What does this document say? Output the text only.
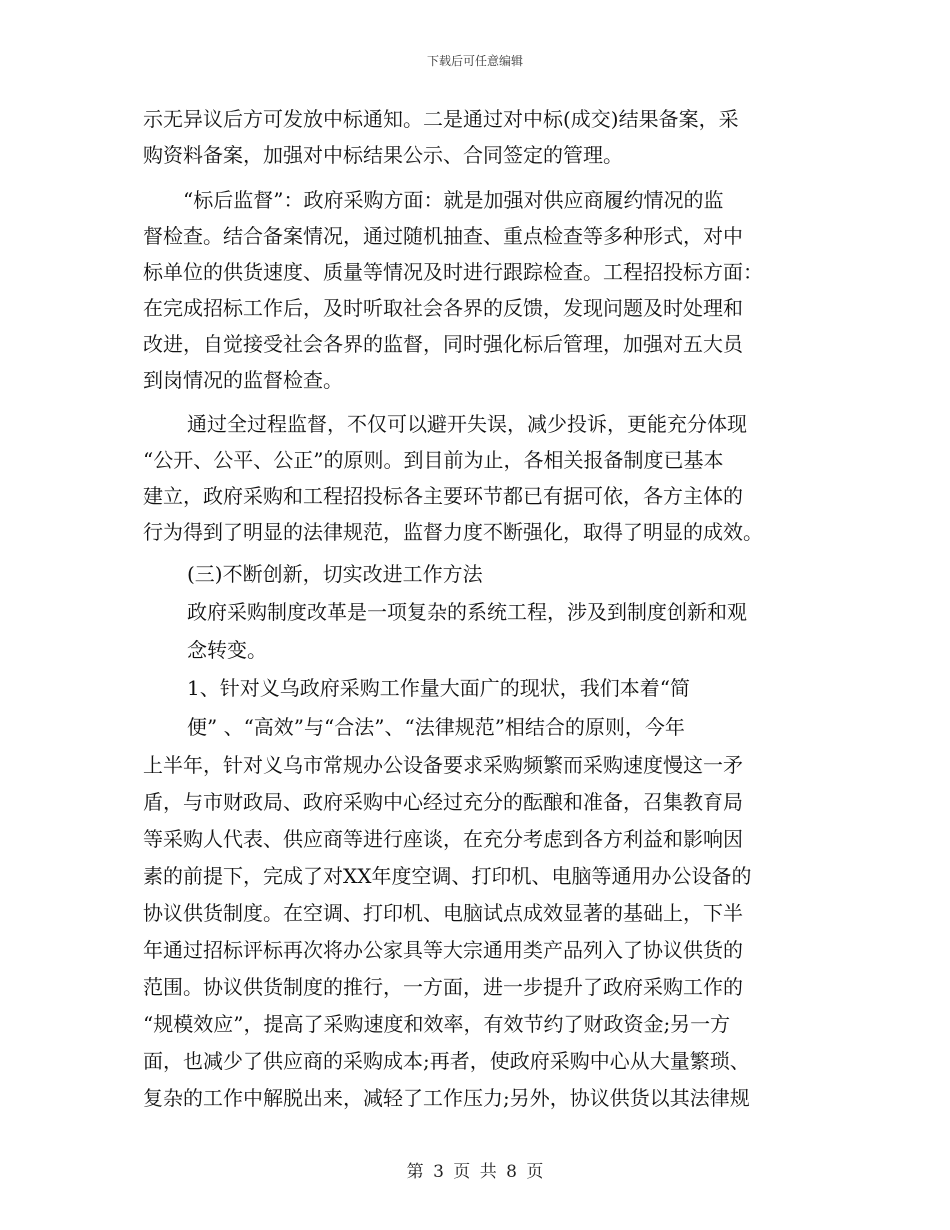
下载后可任意编辑
示无异议后方可发放中标通知。二是通过对中标(成交)结果备案，采
购资料备案，加强对中标结果公示、合同签定的管理。
“标后监督”：政府采购方面：就是加强对供应商履约情况的监
督检查。结合备案情况，通过随机抽查、重点检查等多种形式，对中
标单位的供货速度、质量等情况及时进行跟踪检查。工程招投标方面：
在完成招标工作后，及时听取社会各界的反馈，发现问题及时处理和
改进，自觉接受社会各界的监督，同时强化标后管理，加强对五大员
到岗情况的监督检查。
通过全过程监督，不仅可以避开失误，减少投诉，更能充分体现
“公开、公平、公正”的原则。到目前为止，各相关报备制度已基本
建立，政府采购和工程招投标各主要环节都已有据可依，各方主体的
行为得到了明显的法律规范，监督力度不断强化，取得了明显的成效。
(三)不断创新，切实改进工作方法
政府采购制度改革是一项复杂的系统工程，涉及到制度创新和观
念转变。
1、针对义乌政府采购工作量大面广的现状，我们本着“简
便” 、“高效”与“合法”、“法律规范”相结合的原则，今年
上半年，针对义乌市常规办公设备要求采购频繁而采购速度慢这一矛
盾，与市财政局、政府采购中心经过充分的酝酿和准备，召集教育局
等采购人代表、供应商等进行座谈，在充分考虑到各方利益和影响因
素的前提下，完成了对XX年度空调、打印机、电脑等通用办公设备的
协议供货制度。在空调、打印机、电脑试点成效显著的基础上，下半
年通过招标评标再次将办公家具等大宗通用类产品列入了协议供货的
范围。协议供货制度的推行，一方面，进一步提升了政府采购工作的
“规模效应”，提高了采购速度和效率，有效节约了财政资金;另一方
面，也减少了供应商的采购成本;再者，使政府采购中心从大量繁琐、
复杂的工作中解脱出来，减轻了工作压力;另外，协议供货以其法律规
第 3 页 共 8 页
